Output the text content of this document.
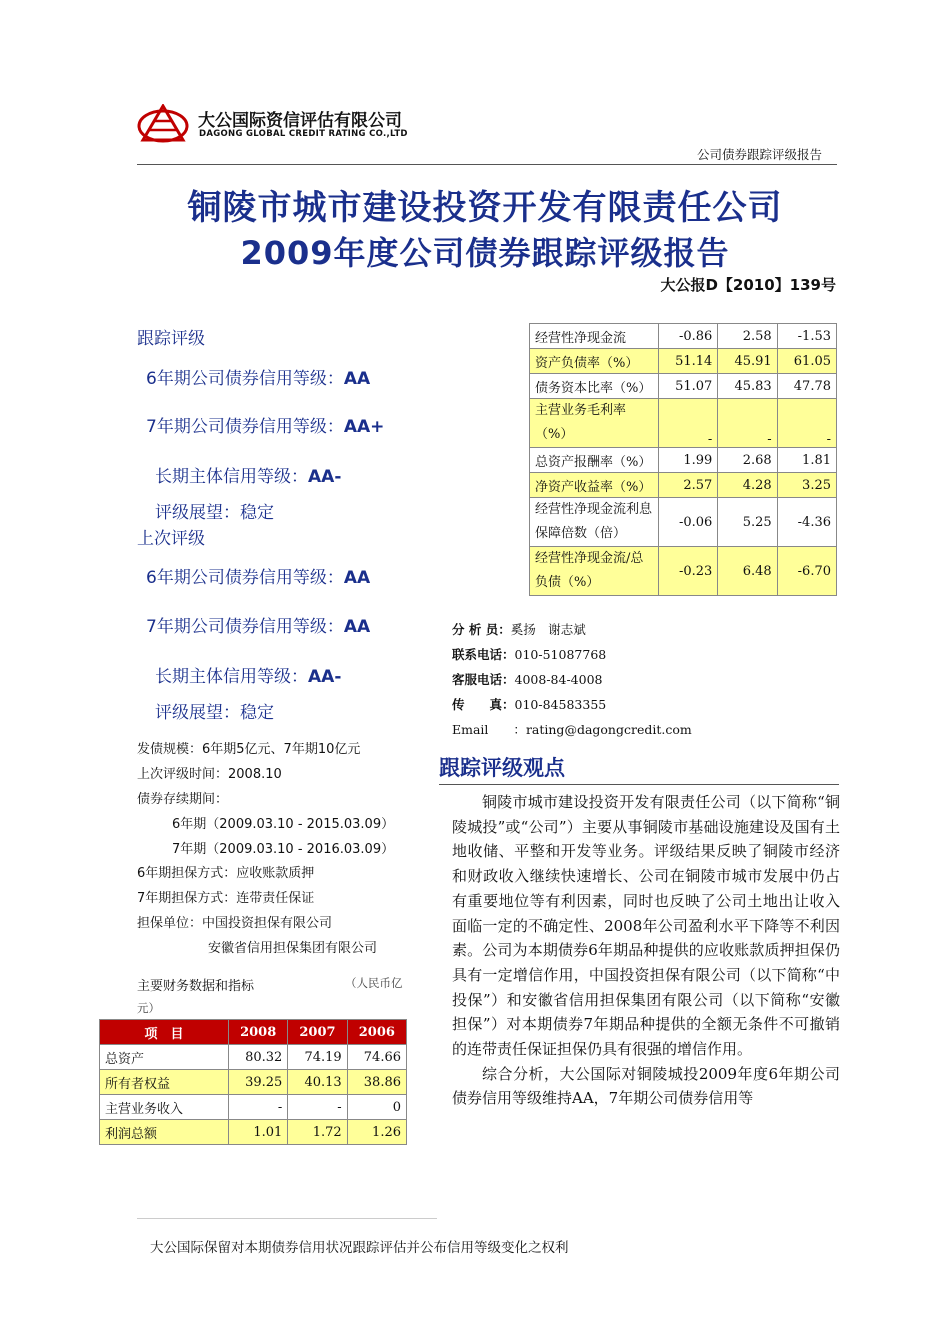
大公国际资信评估有限公司
DAGONG GLOBAL CREDIT RATING CO.,LTD
公司债券跟踪评级报告
铜陵市城市建设投资开发有限责任公司
2009年度公司债券跟踪评级报告
大公报D【2010】139号
跟踪评级
6年期公司债券信用等级：AA
7年期公司债券信用等级：AA+
长期主体信用等级：AA-
评级展望：稳定
上次评级
6年期公司债券信用等级：AA
7年期公司债券信用等级：AA
长期主体信用等级：AA-
评级展望：稳定
发债规模：6年期5亿元、7年期10亿元
上次评级时间：2008.10
债券存续期间：
6年期（2009.03.10 - 2015.03.09）
7年期（2009.03.10 - 2016.03.09）
6年期担保方式：应收账款质押
7年期担保方式：连带责任保证
担保单位：中国投资担保有限公司
安徽省信用担保集团有限公司
主要财务数据和指标	（人民币亿
元）
项　目	2008	2007	2006
总资产	80.32	74.19	74.66
所有者权益	39.25	40.13	38.86
主营业务收入	-	-	0
利润总额	1.01	1.72	1.26
经营性净现金流	-0.86	2.58	-1.53
资产负债率（%）	51.14	45.91	61.05
债务资本比率（%）	51.07	45.83	47.78
主营业务毛利率（%）	-	-	-
总资产报酬率（%）	1.99	2.68	1.81
净资产收益率（%）	2.57	4.28	3.25
经营性净现金流利息保障倍数（倍）	-0.06	5.25	-4.36
经营性净现金流/总负债（%）	-0.23	6.48	-6.70
分 析 员：奚扬　谢志斌
联系电话：010-51087768
客服电话：4008-84-4008
传　　真：010-84583355
Email　　：rating@dagongcredit.com
跟踪评级观点

铜陵市城市建设投资开发有限责任公司（以下简称“铜陵城投”或“公司”）主要从事铜陵市基础设施建设及国有土地收储、平整和开发等业务。评级结果反映了铜陵市经济和财政收入继续快速增长、公司在铜陵市城市发展中仍占有重要地位等有利因素，同时也反映了公司土地出让收入面临一定的不确定性、2008年公司盈利水平下降等不利因素。公司为本期债券6年期品种提供的应收账款质押担保仍具有一定增信作用，中国投资担保有限公司（以下简称“中投保”）和安徽省信用担保集团有限公司（以下简称“安徽担保”）对本期债券7年期品种提供的全额无条件不可撤销的连带责任保证担保仍具有很强的增信作用。

综合分析，大公国际对铜陵城投2009年度6年期公司债券信用等级维持AA，7年期公司债券信用等

大公国际保留对本期债券信用状况跟踪评估并公布信用等级变化之权利
